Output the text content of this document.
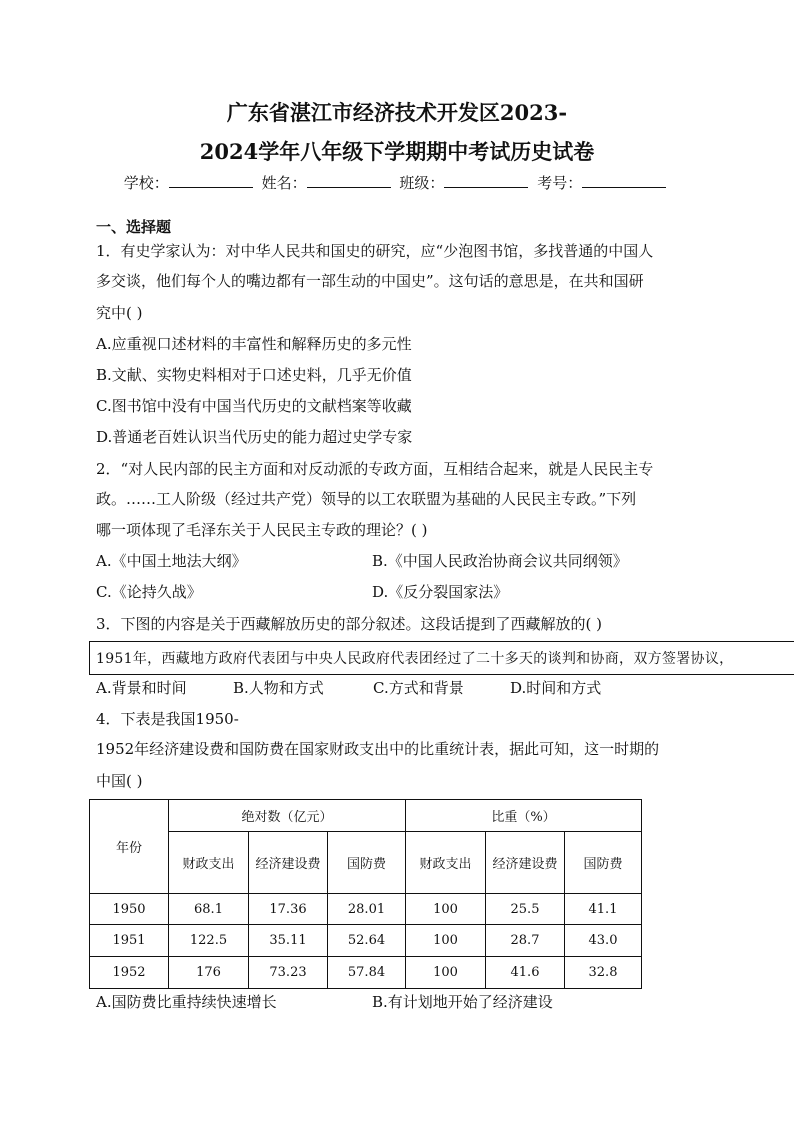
广东省湛江市经济技术开发区2023-
2024学年八年级下学期期中考试历史试卷
学校：	姓名：	班级：	考号：
一、选择题
1．有史学家认为：对中华人民共和国史的研究，应“少泡图书馆，多找普通的中国人
多交谈，他们每个人的嘴边都有一部生动的中国史”。这句话的意思是，在共和国研
究中( )
A.应重视口述材料的丰富性和解释历史的多元性
B.文献、实物史料相对于口述史料，几乎无价值
C.图书馆中没有中国当代历史的文献档案等收藏
D.普通老百姓认识当代历史的能力超过史学专家
2．“对人民内部的民主方面和对反动派的专政方面，互相结合起来，就是人民民主专
政。……工人阶级（经过共产党）领导的以工农联盟为基础的人民民主专政。”下列
哪一项体现了毛泽东关于人民民主专政的理论？( )
A.《中国土地法大纲》	B.《中国人民政治协商会议共同纲领》
C.《论持久战》	D.《反分裂国家法》
3．下图的内容是关于西藏解放历史的部分叙述。这段话提到了西藏解放的( )
1951年，西藏地方政府代表团与中央人民政府代表团经过了二十多天的谈判和协商，双方签署协议，
A.背景和时间	B.人物和方式	C.方式和背景	D.时间和方式
4．下表是我国1950-
1952年经济建设费和国防费在国家财政支出中的比重统计表，据此可知，这一时期的
中国( )
年份	绝对数（亿元）			比重（%）		
	财政支出	经济建设费	国防费	财政支出	经济建设费	国防费
1950	68.1	17.36	28.01	100	25.5	41.1
1951	122.5	35.11	52.64	100	28.7	43.0
1952	176	73.23	57.84	100	41.6	32.8
A.国防费比重持续快速增长	B.有计划地开始了经济建设
